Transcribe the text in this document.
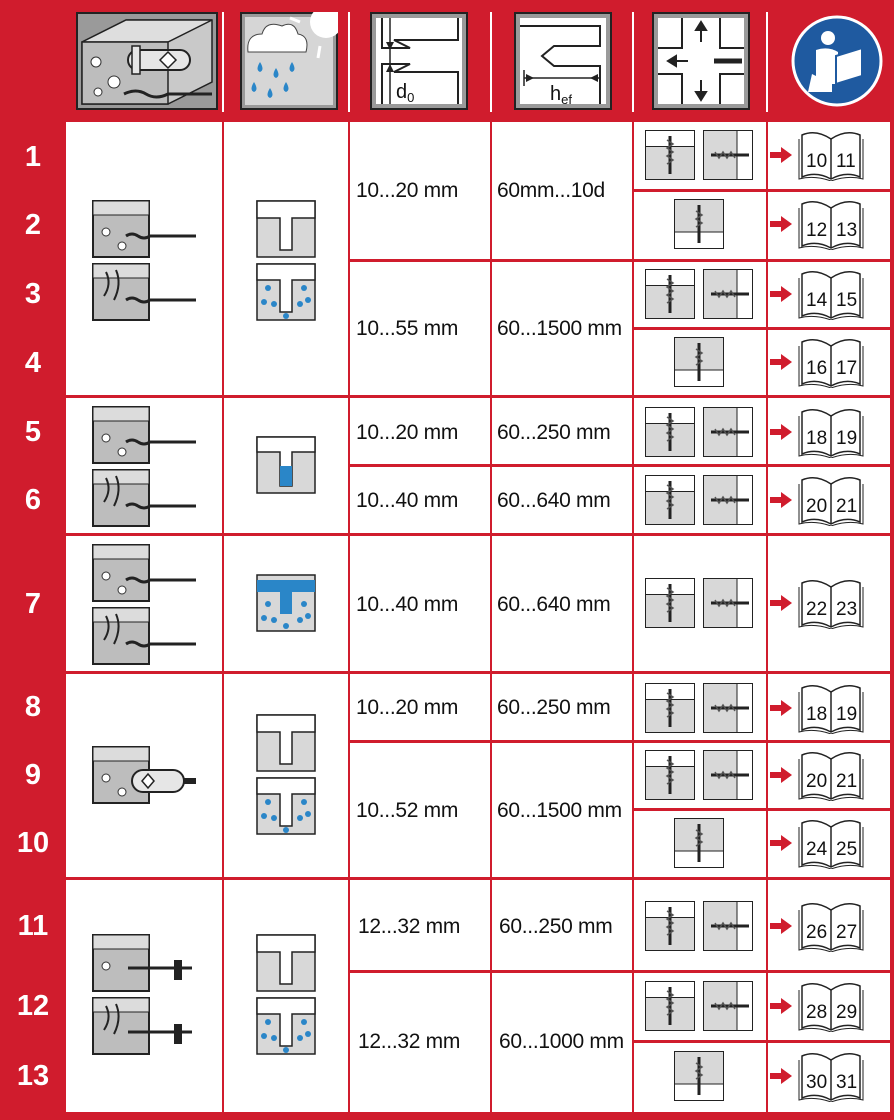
$d_0$	$h_{ef}$
1
2
3
4
5
6
7
8
9
10
11
12
13
10...20 mm 60mm...10d
10...55 mm 60...1500 mm
10...20 mm 60...250 mm
10...40 mm 60...640 mm
10...40 mm 60...640 mm
10...20 mm 60...250 mm
10...52 mm 60...1500 mm
12...32 mm 60...250 mm
12...32 mm 60...1000 mm
10 11
12 13
14 15
16 17
18 19
20 21
22 23
18 19
20 21
24 25
26 27
28 29
30 31
